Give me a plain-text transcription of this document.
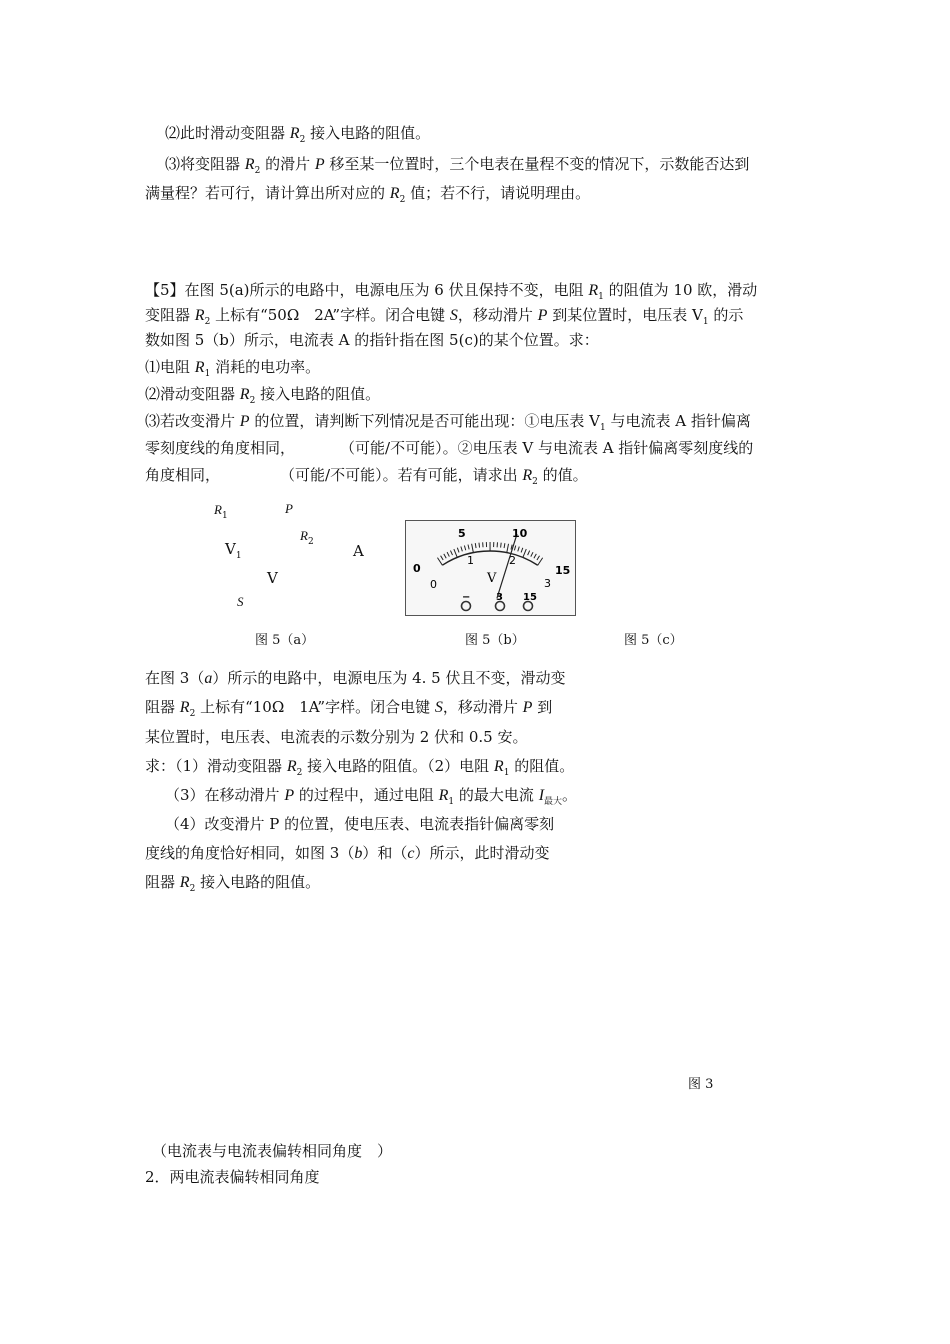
⑵此时滑动变阻器 $R_2$ 接入电路的阻值。
⑶将变阻器 $R_2$ 的滑片 P 移至某一位置时，三个电表在量程不变的情况下，示数能否达到
满量程？若可行，请计算出所对应的 $R_2$ 值；若不行，请说明理由。
【5】在图 5(a)所示的电路中，电源电压为 6 伏且保持不变，电阻 $R_1$ 的阻值为 10 欧，滑动
变阻器 $R_2$ 上标有“50Ω　2A”字样。闭合电键 S，移动滑片 P 到某位置时，电压表 $V_1$ 的示
数如图 5（b）所示，电流表 A 的指针指在图 5(c)的某个位置。求：
⑴电阻 $R_1$ 消耗的电功率。
⑵滑动变阻器 $R_2$ 接入电路的阻值。
⑶若改变滑片 P 的位置，请判断下列情况是否可能出现：①电压表 $V_1$ 与电流表 A 指针偏离
零刻度线的角度相同，	（可能/不可能）。②电压表 V 与电流表 A 指针偏离零刻度线的
角度相同，	（可能/不可能）。若有可能，请求出 $R_2$ 的值。
$R_1$	P
$R_2$
$V_1$	A
V
S
0
5	10
15
0
1	2
3
V
−	3 15
图 5（a）	图 5（b）	图 5（c）
在图 3（a）所示的电路中，电源电压为 4. 5 伏且不变，滑动变
阻器 $R_2$ 上标有“10Ω　1A”字样。闭合电键 S，移动滑片 P 到
某位置时，电压表、电流表的示数分别为 2 伏和 0.5 安。
求：（1）滑动变阻器 $R_2$ 接入电路的阻值。（2）电阻 $R_1$ 的阻值。
（3）在移动滑片 P 的过程中，通过电阻 $R_1$ 的最大电流 $I_{最大}$。
（4）改变滑片 P 的位置，使电压表、电流表指针偏离零刻
度线的角度恰好相同，如图 3（b）和（c）所示，此时滑动变
阻器 $R_2$ 接入电路的阻值。
图 3
（电流表与电流表偏转相同角度　）
2．两电流表偏转相同角度
